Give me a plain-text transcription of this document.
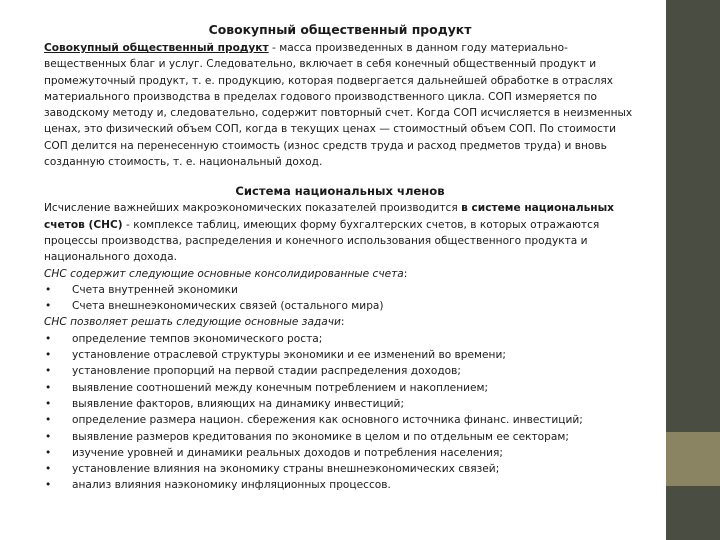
Совокупный общественный продукт

Совокупный общественный продукт - масса произведенных в данном году материально-вещественных благ и услуг. Следовательно, включает в себя конечный общественный продукт и промежуточный продукт, т. е. продукцию, которая подвергается дальнейшей обработке в отраслях материального производства в пределах годового производственного цикла. СОП измеряется по заводскому методу и, следовательно, содержит повторный счет. Когда СОП исчисляется в неизменных ценах, это физический объем СОП, когда в текущих ценах — стоимостный объем СОП. По стоимости СОП делится на перенесенную стоимость (износ средств труда и расход предметов труда) и вновь созданную стоимость, т. е. национальный доход.

Система национальных членов

Исчисление важнейших макроэкономических показателей производится в системе национальных счетов (СНС) - комплексе таблиц, имеющих форму бухгалтерских счетов, в которых отражаются процессы производства, распределения и конечного использования общественного продукта и национального дохода.

СНС содержит следующие основные консолидированные счета:

• Счета внутренней экономики
• Счета внешнеэкономических связей (остального мира)

СНС позволяет решать следующие основные задачи:

• определение темпов экономического роста;
• установление отраслевой структуры экономики и ее изменений во времени;
• установление пропорций на первой стадии распределения доходов;
• выявление соотношений между конечным потреблением и накоплением;
• выявление факторов, влияющих на динамику инвестиций;
• определение размера национ. сбережения как основного источника финанс. инвестиций;
• выявление размеров кредитования по экономике в целом и по отдельным ее секторам;
• изучение уровней и динамики реальных доходов и потребления населения;
• установление влияния на экономику страны внешнеэкономических связей;
• анализ влияния наэкономику инфляционных процессов.
